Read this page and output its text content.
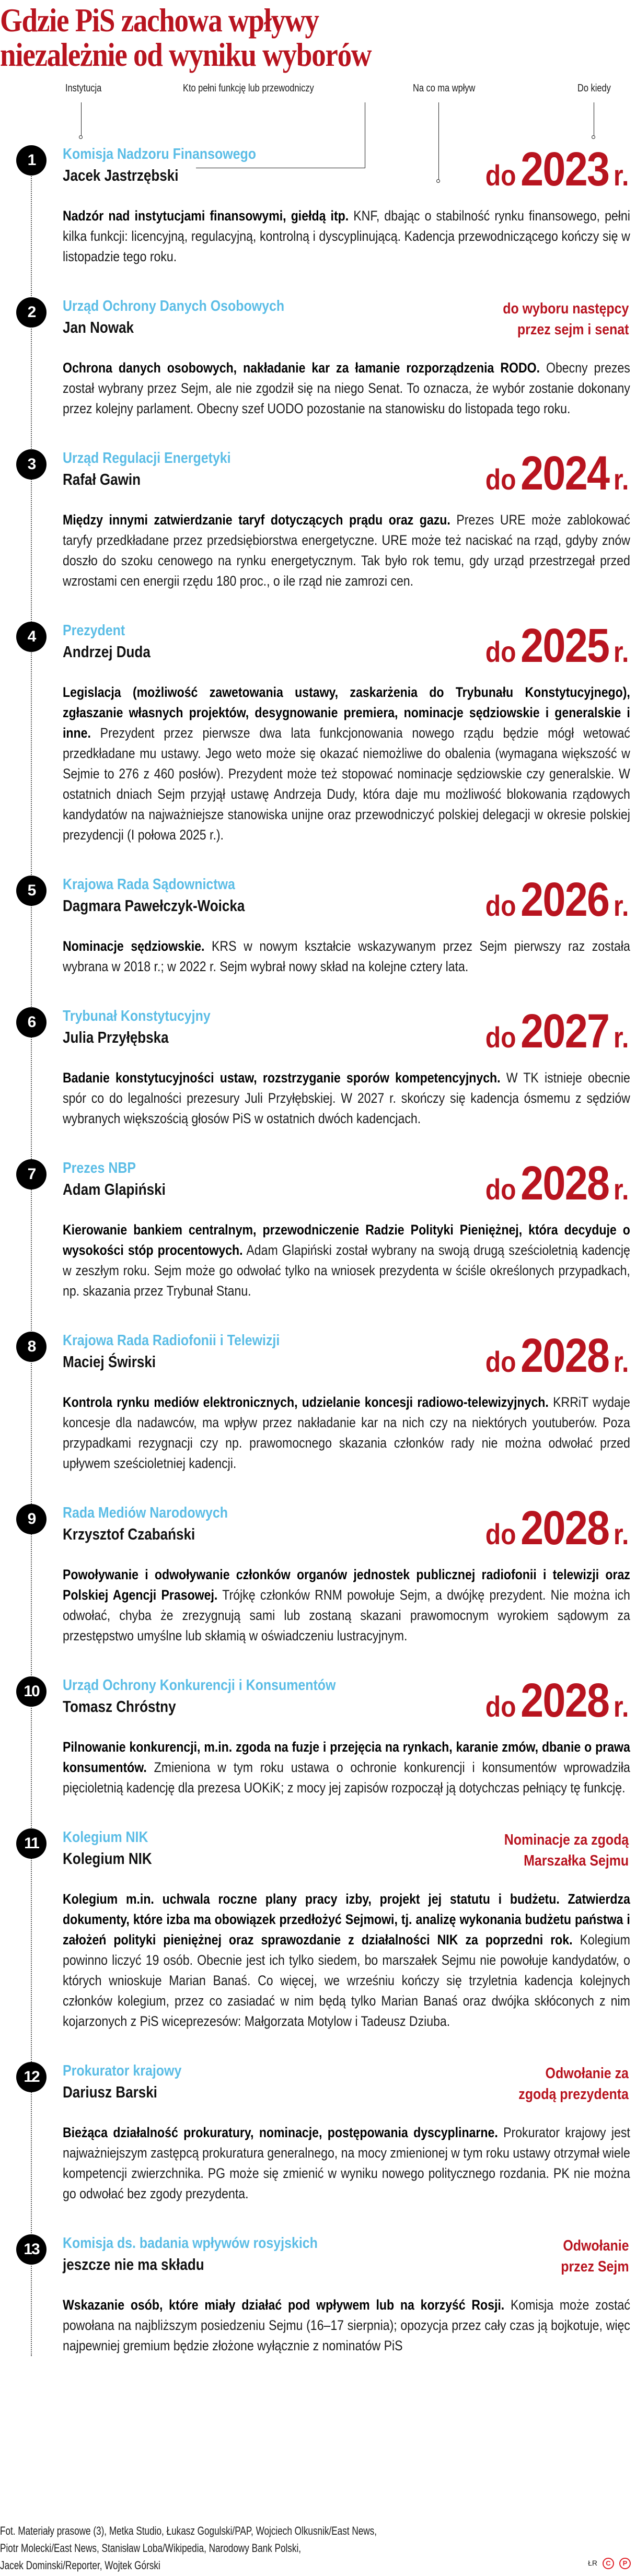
Gdzie PiS zachowa wpływy
niezależnie od wyniku wyborów
Instytucja	Kto pełni funkcję lub przewodniczy	Na co ma wpływ	Do kiedy
1 Komisja Nadzoru Finansowego
Jacek Jastrzębski	do 2023 r.
Nadzór nad instytucjami finansowymi, giełdą itp. KNF, dbając o stabilność rynku finansowego, pełni kilka funkcji: licencyjną, regulacyjną, kontrolną i dyscyplinującą. Kadencja przewodniczącego kończy się w listopadzie tego roku.
2 Urząd Ochrony Danych Osobowych
Jan Nowak
do wyboru następcy
przez sejm i senat
Ochrona danych osobowych, nakładanie kar za łamanie rozporządzenia RODO. Obecny prezes został wybrany przez Sejm, ale nie zgodził się na niego Senat. To oznacza, że wybór zostanie dokonany przez kolejny parlament. Obecny szef UODO pozostanie na stanowisku do listopada tego roku.
3 Urząd Regulacji Energetyki
Rafał Gawin	do 2024 r.
Między innymi zatwierdzanie taryf dotyczących prądu oraz gazu. Prezes URE może zablokować taryfy przedkładane przez przedsiębiorstwa energetyczne. URE może też naciskać na rząd, gdyby znów doszło do szoku cenowego na rynku energetycznym. Tak było rok temu, gdy urząd przestrzegał przed wzrostami cen energii rzędu 180 proc., o ile rząd nie zamrozi cen.
4 Prezydent
Andrzej Duda	do 2025 r.
Legislacja (możliwość zawetowania ustawy, zaskarżenia do Trybunału Konstytucyjnego), zgłaszanie własnych projektów, desygnowanie premiera, nominacje sędziowskie i generalskie i inne. Prezydent przez pierwsze dwa lata funkcjonowania nowego rządu będzie mógł wetować przedkładane mu ustawy. Jego weto może się okazać niemożliwe do obalenia (wymagana większość w Sejmie to 276 z 460 posłów). Prezydent może też stopować nominacje sędziowskie czy generalskie. W ostatnich dniach Sejm przyjął ustawę Andrzeja Dudy, która daje mu możliwość blokowania rządowych kandydatów na najważniejsze stanowiska unijne oraz przewodniczyć polskiej delegacji w okresie polskiej prezydencji (I połowa 2025 r.).
5 Krajowa Rada Sądownictwa
Dagmara Pawełczyk-Woicka	do 2026 r.
Nominacje sędziowskie. KRS w nowym kształcie wskazywanym przez Sejm pierwszy raz została wybrana w 2018 r.; w 2022 r. Sejm wybrał nowy skład na kolejne cztery lata.
6 Trybunał Konstytucyjny
Julia Przyłębska	do 2027 r.
Badanie konstytucyjności ustaw, rozstrzyganie sporów kompetencyjnych. W TK istnieje obecnie spór co do legalności prezesury Juli Przyłębskiej. W 2027 r. skończy się kadencja ósmemu z sędziów wybranych większością głosów PiS w ostatnich dwóch kadencjach.
7 Prezes NBP
Adam Glapiński	do 2028 r.
Kierowanie bankiem centralnym, przewodniczenie Radzie Polityki Pieniężnej, która decyduje o wysokości stóp procentowych. Adam Glapiński został wybrany na swoją drugą sześcioletnią kadencję w zeszłym roku. Sejm może go odwołać tylko na wniosek prezydenta w ściśle określonych przypadkach, np. skazania przez Trybunał Stanu.
8 Krajowa Rada Radiofonii i Telewizji
Maciej Świrski	do 2028 r.
Kontrola rynku mediów elektronicznych, udzielanie koncesji radiowo-telewizyjnych. KRRiT wydaje koncesje dla nadawców, ma wpływ przez nakładanie kar na nich czy na niektórych youtuberów. Poza przypadkami rezygnacji czy np. prawomocnego skazania członków rady nie można odwołać przed upływem sześcioletniej kadencji.
9 Rada Mediów Narodowych
Krzysztof Czabański	do 2028 r.
Powoływanie i odwoływanie członków organów jednostek publicznej radiofonii i telewizji oraz Polskiej Agencji Prasowej. Trójkę członków RNM powołuje Sejm, a dwójkę prezydent. Nie można ich odwołać, chyba że zrezygnują sami lub zostaną skazani prawomocnym wyrokiem sądowym za przestępstwo umyślne lub skłamią w oświadczeniu lustracyjnym.
10 Urząd Ochrony Konkurencji i Konsumentów
Tomasz Chróstny	do 2028 r.
Pilnowanie konkurencji, m.in. zgoda na fuzje i przejęcia na rynkach, karanie zmów, dbanie o prawa konsumentów. Zmieniona w tym roku ustawa o ochronie konkurencji i konsumentów wprowadziła pięcioletnią kadencję dla prezesa UOKiK; z mocy jej zapisów rozpoczął ją dotychczas pełniący tę funkcję.
11 Kolegium NIK
Kolegium NIK
Nominacje za zgodą
Marszałka Sejmu
Kolegium m.in. uchwala roczne plany pracy izby, projekt jej statutu i budżetu. Zatwierdza dokumenty, które izba ma obowiązek przedłożyć Sejmowi, tj. analizę wykonania budżetu państwa i założeń polityki pieniężnej oraz sprawozdanie z działalności NIK za poprzedni rok. Kolegium powinno liczyć 19 osób. Obecnie jest ich tylko siedem, bo marszałek Sejmu nie powołuje kandydatów, o których wnioskuje Marian Banaś. Co więcej, we wrześniu kończy się trzyletnia kadencja kolejnych członków kolegium, przez co zasiadać w nim będą tylko Marian Banaś oraz dwójka skłóconych z nim kojarzonych z PiS wiceprezesów: Małgorzata Motylow i Tadeusz Dziuba.
12 Prokurator krajowy
Dariusz Barski
Odwołanie za
zgodą prezydenta
Bieżąca działalność prokuratury, nominacje, postępowania dyscyplinarne. Prokurator krajowy jest najważniejszym zastępcą prokuratura generalnego, na mocy zmienionej w tym roku ustawy otrzymał wiele kompetencji zwierzchnika. PG może się zmienić w wyniku nowego politycznego rozdania. PK nie można go odwołać bez zgody prezydenta.
13 Komisja ds. badania wpływów rosyjskich
jeszcze nie ma składu
Odwołanie
przez Sejm
Wskazanie osób, które miały działać pod wpływem lub na korzyść Rosji. Komisja może zostać powołana na najbliższym posiedzeniu Sejmu (16–17 sierpnia); opozycja przez cały czas ją bojkotuje, więc najpewniej gremium będzie złożone wyłącznie z nominatów PiS
Fot. Materiały prasowe (3), Metka Studio, Łukasz Gogulski/PAP, Wojciech Olkusnik/East News,
Piotr Molecki/East News, Stanisław Loba/Wikipedia, Narodowy Bank Polski,
Jacek Dominski/Reporter, Wojtek Górski	ŁR	C	P
